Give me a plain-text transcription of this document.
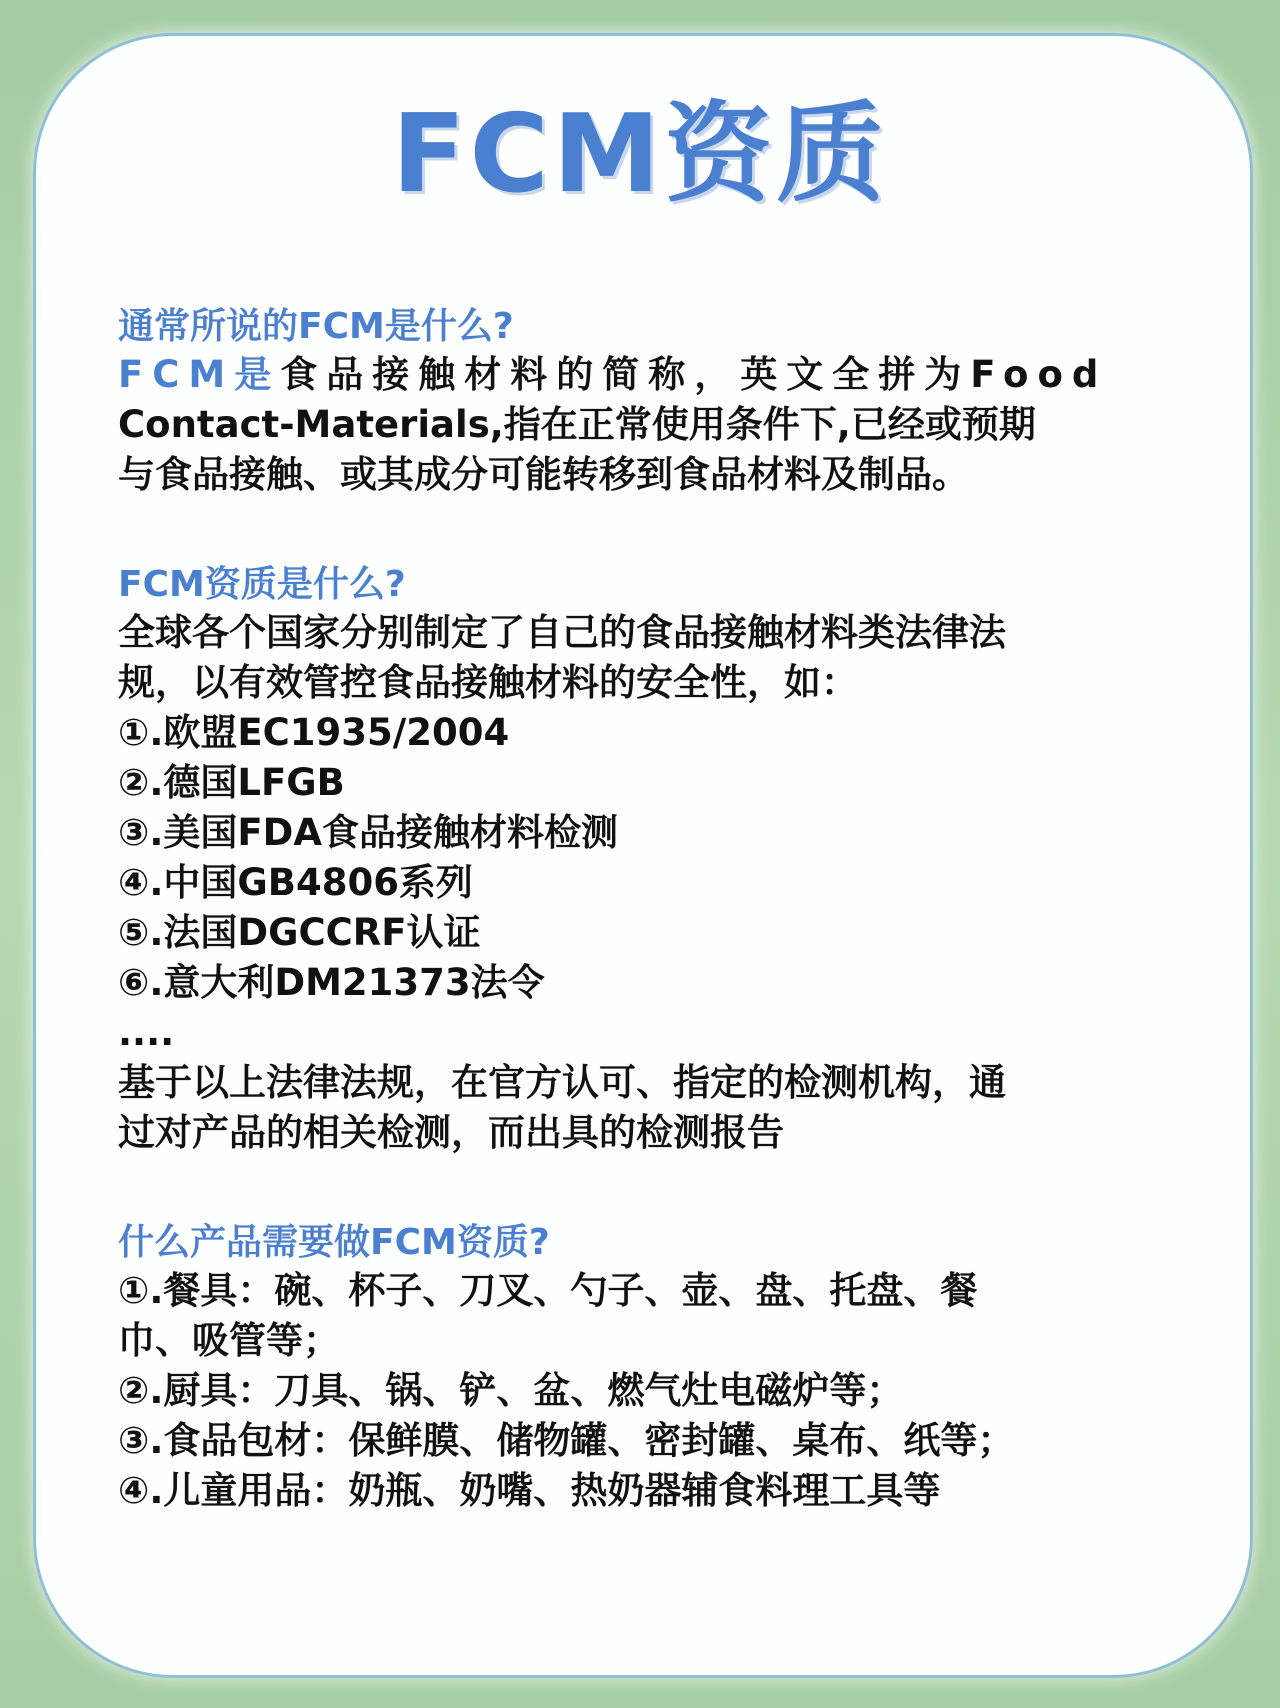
FCM资质

通常所说的FCM是什么?

FCM是食品接触材料的简称，英文全拼为Food

Contact-Materials,指在正常使用条件下,已经或预期

与食品接触、或其成分可能转移到食品材料及制品。

FCM资质是什么?

全球各个国家分别制定了自己的食品接触材料类法律法

规，以有效管控食品接触材料的安全性，如：

①.欧盟EC1935/2004

②.德国LFGB

③.美国FDA食品接触材料检测

④.中国GB4806系列

⑤.法国DGCCRF认证

⑥.意大利DM21373法令

....

基于以上法律法规，在官方认可、指定的检测机构，通

过对产品的相关检测，而出具的检测报告

什么产品需要做FCM资质?

①.餐具：碗、杯子、刀叉、勺子、壶、盘、托盘、餐

巾、吸管等；

②.厨具：刀具、锅、铲、盆、燃气灶电磁炉等；

③.食品包材：保鲜膜、储物罐、密封罐、桌布、纸等；

④.儿童用品：奶瓶、奶嘴、热奶器辅食料理工具等
